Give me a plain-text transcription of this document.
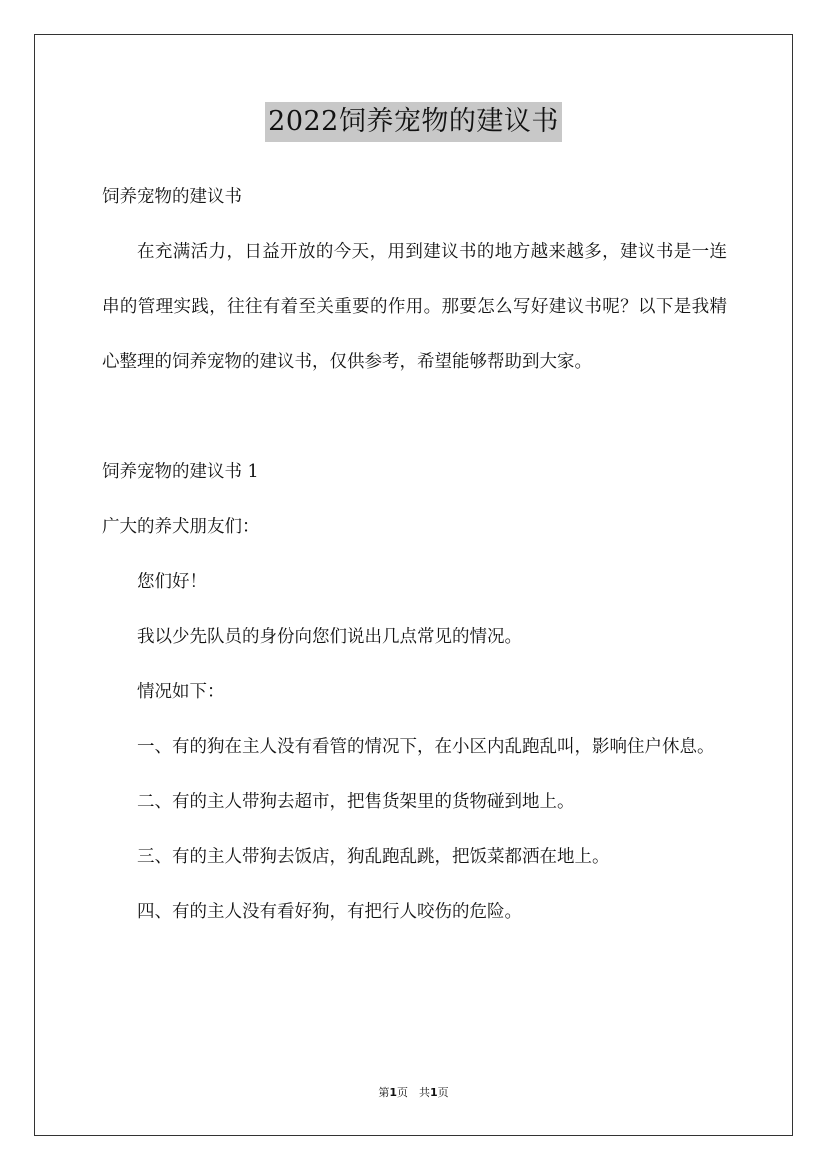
2022饲养宠物的建议书
饲养宠物的建议书

在充满活力，日益开放的今天，用到建议书的地方越来越多，建议书是一连串的管理实践，往往有着至关重要的作用。那要怎么写好建议书呢？以下是我精心整理的饲养宠物的建议书，仅供参考，希望能够帮助到大家。

饲养宠物的建议书 1
广大的养犬朋友们：
您们好！
我以少先队员的身份向您们说出几点常见的情况。
情况如下：

一、有的狗在主人没有看管的情况下，在小区内乱跑乱叫，影响住户休息。

二、有的主人带狗去超市，把售货架里的货物碰到地上。
三、有的主人带狗去饭店，狗乱跑乱跳，把饭菜都洒在地上。
四、有的主人没有看好狗，有把行人咬伤的危险。
第1页　共1页
